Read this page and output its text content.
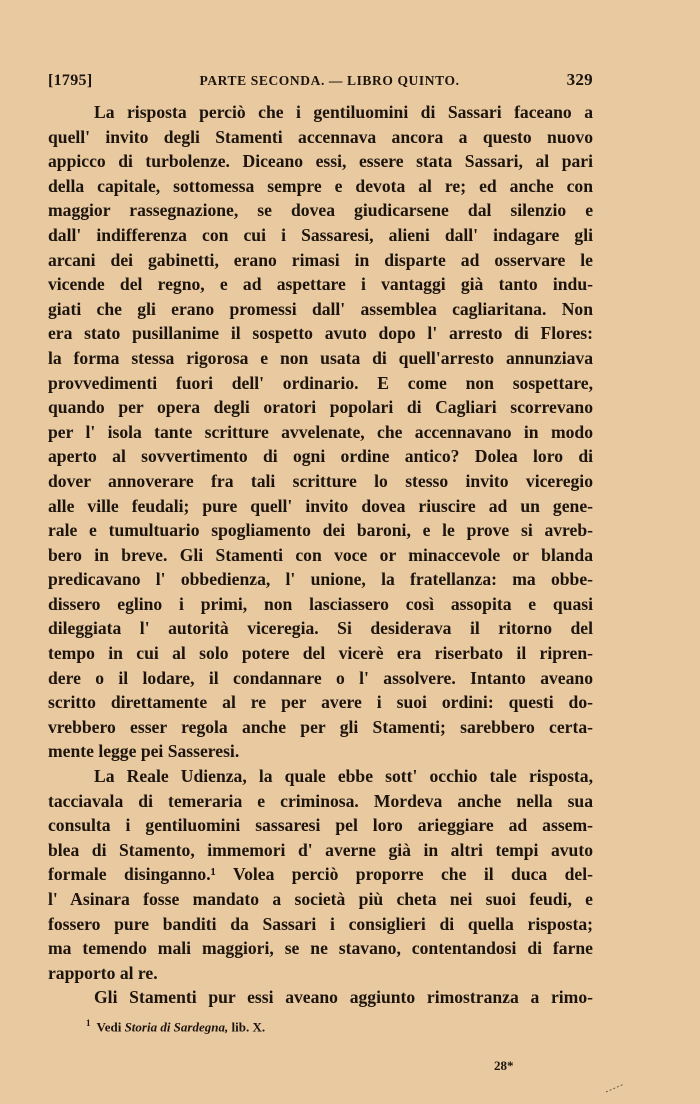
[1795]	PARTE SECONDA. — LIBRO QUINTO.	329

La risposta perciò che i gentiluomini di Sassari faceano a

quell' invito degli Stamenti accennava ancora a questo nuovo

appicco di turbolenze. Diceano essi, essere stata Sassari, al pari

della capitale, sottomessa sempre e devota al re; ed anche con

maggior rassegnazione, se dovea giudicarsene dal silenzio e

dall' indifferenza con cui i Sassaresi, alieni dall' indagare gli

arcani dei gabinetti, erano rimasi in disparte ad osservare le

vicende del regno, e ad aspettare i vantaggi già tanto indu-

giati che gli erano promessi dall' assemblea cagliaritana. Non

era stato pusillanime il sospetto avuto dopo l' arresto di Flores:

la forma stessa rigorosa e non usata di quell'arresto annunziava

provvedimenti fuori dell' ordinario. E come non sospettare,

quando per opera degli oratori popolari di Cagliari scorrevano

per l' isola tante scritture avvelenate, che accennavano in modo

aperto al sovvertimento di ogni ordine antico? Dolea loro di

dover annoverare fra tali scritture lo stesso invito viceregio

alle ville feudali; pure quell' invito dovea riuscire ad un gene-

rale e tumultuario spogliamento dei baroni, e le prove si avreb-

bero in breve. Gli Stamenti con voce or minaccevole or blanda

predicavano l' obbedienza, l' unione, la fratellanza: ma obbe-

dissero eglino i primi, non lasciassero così assopita e quasi

dileggiata l' autorità viceregia. Si desiderava il ritorno del

tempo in cui al solo potere del vicerè era riserbato il ripren-

dere o il lodare, il condannare o l' assolvere. Intanto aveano

scritto direttamente al re per avere i suoi ordini: questi do-

vrebbero esser regola anche per gli Stamenti; sarebbero certa-

mente legge pei Sasseresi.

La Reale Udienza, la quale ebbe sott' occhio tale risposta,

tacciavala di temeraria e criminosa. Mordeva anche nella sua

consulta i gentiluomini sassaresi pel loro arieggiare ad assem-

blea di Stamento, immemori d' averne già in altri tempi avuto

formale disinganno.¹ Volea perciò proporre che il duca del-

l' Asinara fosse mandato a società più cheta nei suoi feudi, e

fossero pure banditi da Sassari i consiglieri di quella risposta;

ma temendo mali maggiori, se ne stavano, contentandosi di farne

rapporto al re.

Gli Stamenti pur essi aveano aggiunto rimostranza a rimo-

$^1$ Vedi Storia di Sardegna, lib. X.
28*
